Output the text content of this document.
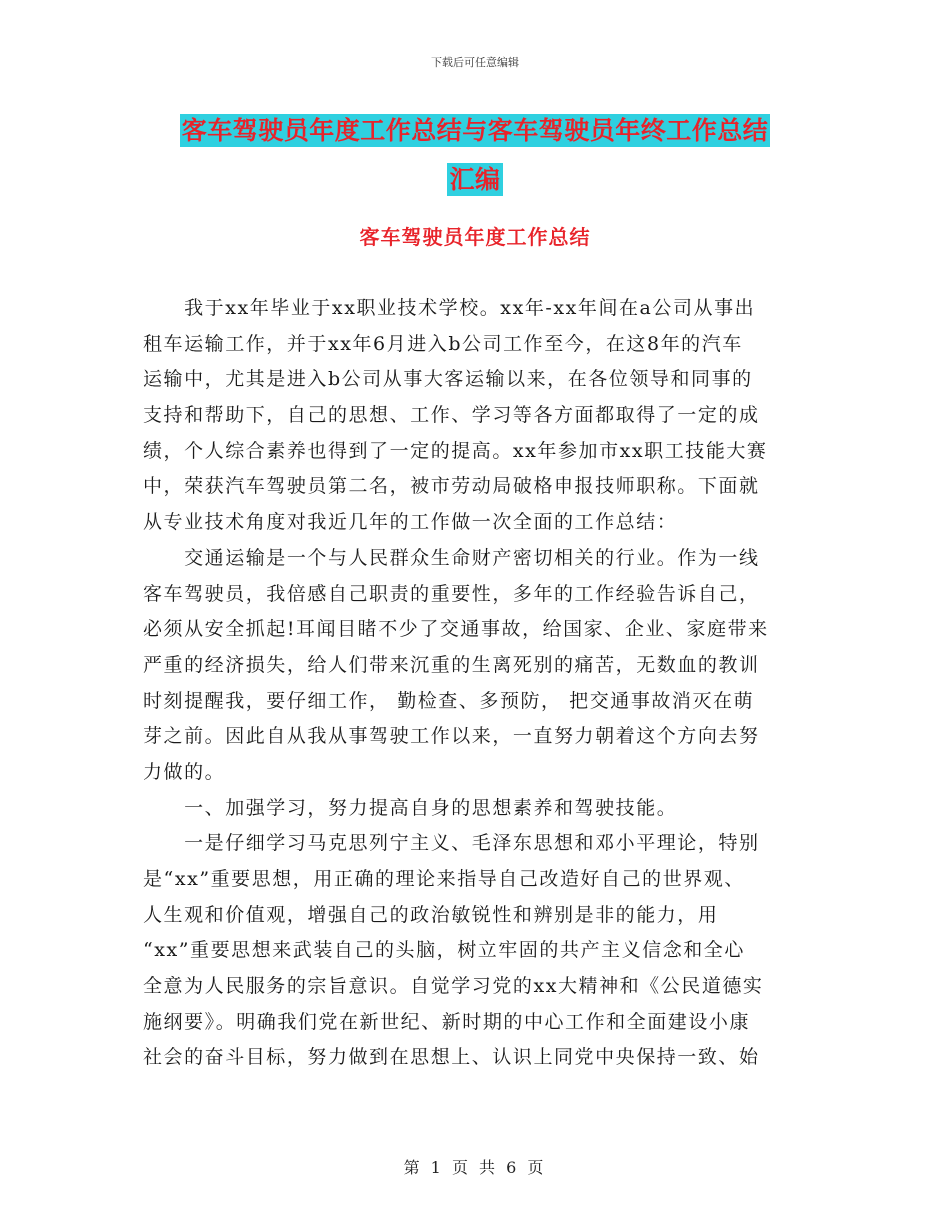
下载后可任意编辑
客车驾驶员年度工作总结与客车驾驶员年终工作总结
汇编
客车驾驶员年度工作总结
　　我于xx年毕业于xx职业技术学校。xx年-xx年间在a公司从事出
租车运输工作，并于xx年6月进入b公司工作至今，在这8年的汽车
运输中，尤其是进入b公司从事大客运输以来，在各位领导和同事的
支持和帮助下，自己的思想、工作、学习等各方面都取得了一定的成
绩，个人综合素养也得到了一定的提高。xx年参加市xx职工技能大赛
中，荣获汽车驾驶员第二名，被市劳动局破格申报技师职称。下面就
从专业技术角度对我近几年的工作做一次全面的工作总结：
　　交通运输是一个与人民群众生命财产密切相关的行业。作为一线
客车驾驶员，我倍感自己职责的重要性，多年的工作经验告诉自己，
必须从安全抓起!耳闻目睹不少了交通事故，给国家、企业、家庭带来
严重的经济损失，给人们带来沉重的生离死别的痛苦，无数血的教训
时刻提醒我，要仔细工作， 勤检查、多预防， 把交通事故消灭在萌
芽之前。因此自从我从事驾驶工作以来，一直努力朝着这个方向去努
力做的。
　　一、加强学习，努力提高自身的思想素养和驾驶技能。
　　一是仔细学习马克思列宁主义、毛泽东思想和邓小平理论，特别
是“xx”重要思想，用正确的理论来指导自己改造好自己的世界观、
人生观和价值观，增强自己的政治敏锐性和辨别是非的能力，用
“xx”重要思想来武装自己的头脑，树立牢固的共产主义信念和全心
全意为人民服务的宗旨意识。自觉学习党的xx大精神和《公民道德实
施纲要》。明确我们党在新世纪、新时期的中心工作和全面建设小康
社会的奋斗目标，努力做到在思想上、认识上同党中央保持一致、始
第 1 页 共 6 页
